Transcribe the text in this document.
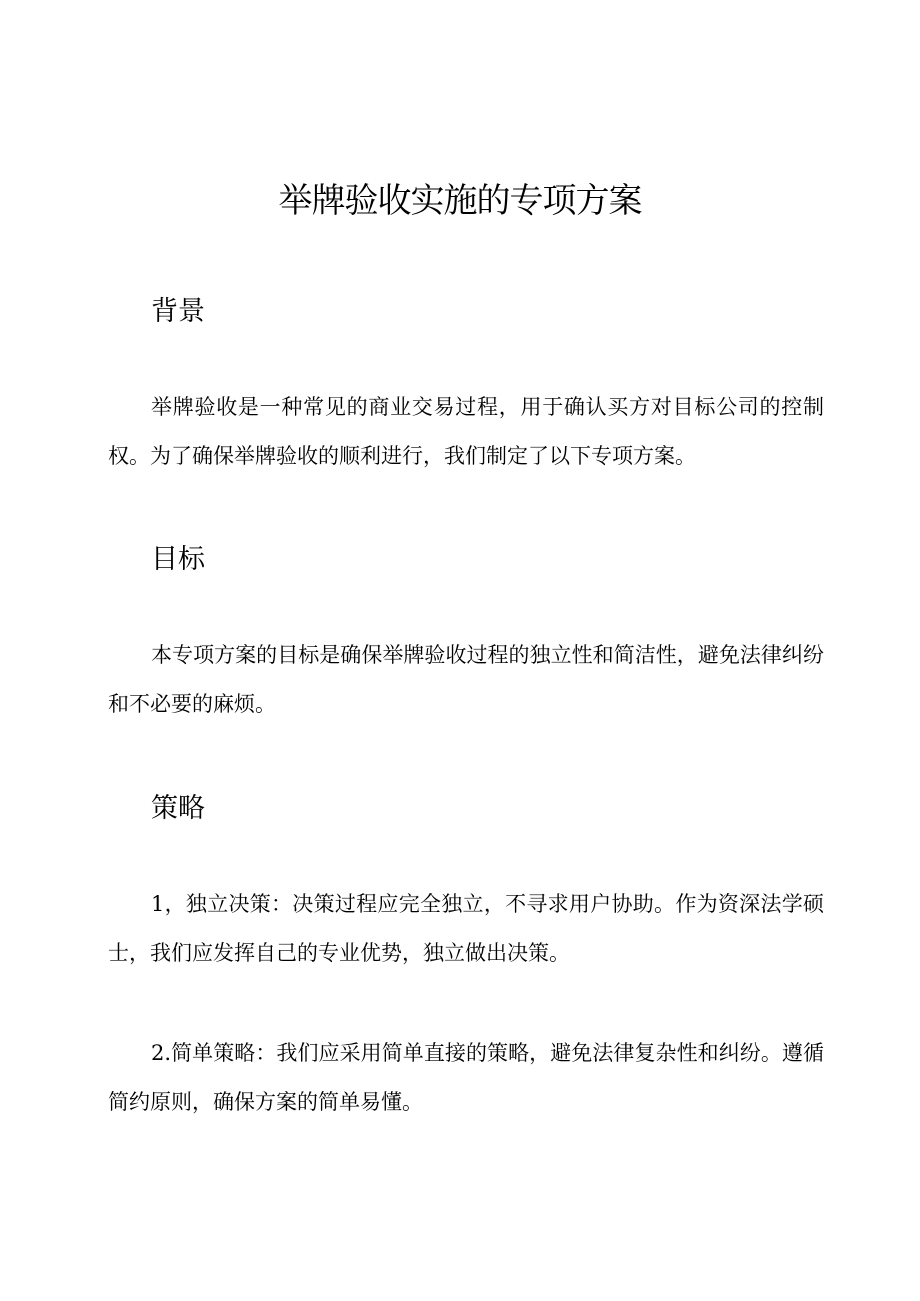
举牌验收实施的专项方案
背景

举牌验收是一种常见的商业交易过程，用于确认买方对目标公司的控制权。为了确保举牌验收的顺利进行，我们制定了以下专项方案。

目标

本专项方案的目标是确保举牌验收过程的独立性和简洁性，避免法律纠纷和不必要的麻烦。

策略

1，独立决策：决策过程应完全独立，不寻求用户协助。作为资深法学硕士，我们应发挥自己的专业优势，独立做出决策。

2.简单策略：我们应采用简单直接的策略，避免法律复杂性和纠纷。遵循简约原则，确保方案的简单易懂。
